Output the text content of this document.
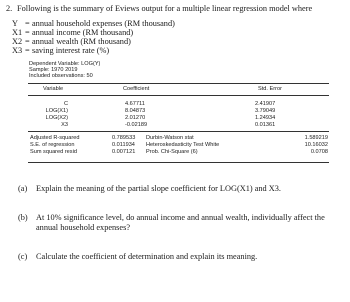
2. Following is the summary of Eviews output for a multiple linear regression model where
Y = annual household expenses (RM thousand)
X1 = annual income (RM thousand)
X2 = annual wealth (RM thousand)
X3 = saving interest rate (%)
Dependent Variable: LOG(Y)
Sample: 1970 2019
Included observations: 50
Variable	Coefficient	Std. Error
C
LOG(X1)
LOG(X2)
X3
4.67711
8.04873
2.01270
-0.02189
2.41907
3.79049
1.24934
0.01361
Adjusted R-squared
S.E. of regression
Sum squared resid
0.789533
0.011934
0.007121
Durbin-Watson stat
Heteroskedasticity Test White
Prob. Chi-Square (6)
1.589219
10.16032
0.0708
(a) Explain the meaning of the partial slope coefficient for LOG(X1) and X3.
(b) At 10% significance level, do annual income and annual wealth, individually affect the
annual household expenses?
(c) Calculate the coefficient of determination and explain its meaning.
